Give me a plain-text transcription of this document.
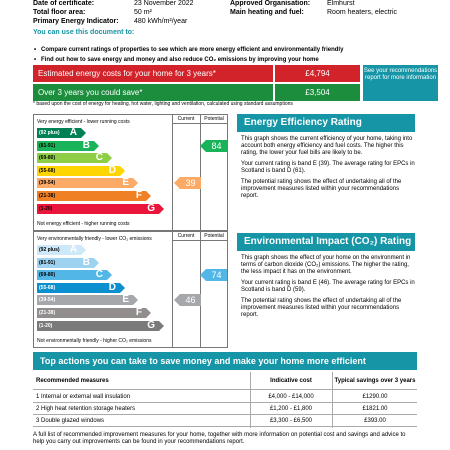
Date of certificate:	23 November 2022
Total floor area:	50 m²
Primary Energy Indicator: 480 kWh/m²/year
Approved Organisation: Elmhurst
Main heating and fuel:	Room heaters, electric
You can use this document to:
• Compare current ratings of properties to see which are more energy efficient and environmentally friendly
• Find out how to save energy and money and also reduce CO₂ emissions by improving your home
Estimated energy costs for your home for 3 years*	£4,794
Over 3 years you could save*	£3,504
See your recommendations report for more information
* based upon the cost of energy for heating, hot water, lighting and ventilation, calculated using standard assumptions
Current	Potential
Very energy efficient - lower running costs
Not energy efficient - higher running costs
(92 plus) A
(81-91)	B
(69-80)	C
(55-68)	D
(39-54)	E
(21-38)	F
(1-20)	G
39
84
Current	Potential
Very environmentally friendly - lower CO₂ emissions
Not environmentally friendly - higher CO₂ emissions
(92 plus) A
(81-91)	B
(69-80)	C
(55-68)	D
(39-54)	E
(21-38)	F
(1-20)	G
46
74
Energy Efficiency Rating

This graph shows the current efficiency of your home, taking into account both energy efficiency and fuel costs. The higher this rating, the lower your fuel bills are likely to be.

Your current rating is band E (39). The average rating for EPCs in Scotland is band D (61).

The potential rating shows the effect of undertaking all of the improvement measures listed within your recommendations report.

Environmental Impact (CO₂) Rating

This graph shows the effect of your home on the environment in terms of carbon dioxide (CO₂) emissions. The higher the rating, the less impact it has on the environment.

Your current rating is band E (46). The average rating for EPCs in Scotland is band D (59).

The potential rating shows the effect of undertaking all of the improvement measures listed within your recommendations report.

Top actions you can take to save money and make your home more efficient
Recommended measures	Indicative cost	Typical savings over 3 years
1 Internal or external wall insulation	£4,000 - £14,000	£1290.00
2 High heat retention storage heaters	£1,200 - £1,800	£1821.00
3 Double glazed windows	£3,300 - £6,500	£393.00
A full list of recommended improvement measures for your home, together with more information on potential cost and savings and advice to help you carry out improvements can be found in your recommendations report.
